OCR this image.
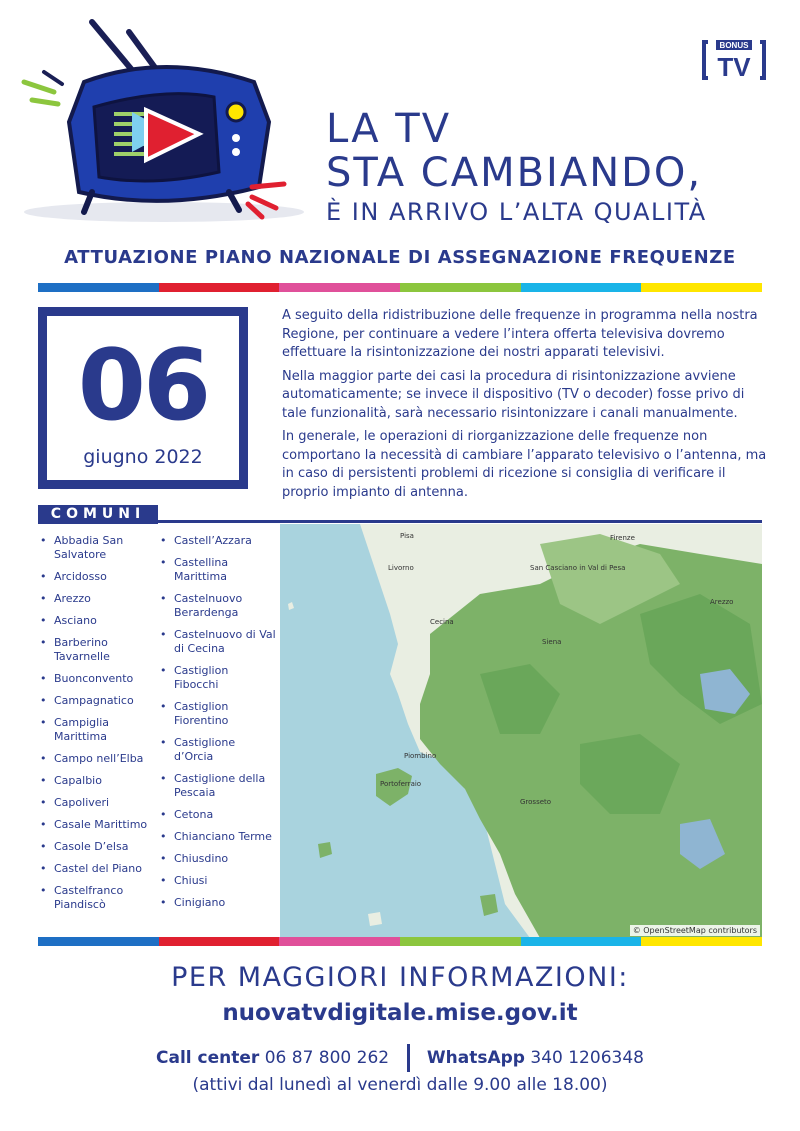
BONUS
TV
LA TV
STA CAMBIANDO,
È IN ARRIVO L’ALTA QUALITÀ
ATTUAZIONE PIANO NAZIONALE DI ASSEGNAZIONE FREQUENZE
06
giugno 2022

A seguito della ridistribuzione delle frequenze in programma nella nostra Regione, per continuare a vedere l’intera offerta televisiva dovremo effettuare la risintonizzazione dei nostri apparati televisivi.

Nella maggior parte dei casi la procedura di risintonizzazione avviene automaticamente; se invece il dispositivo (TV o decoder) fosse privo di tale funzionalità, sarà necessario risintonizzare i canali manualmente.

In generale, le operazioni di riorganizzazione delle frequenze non comportano la necessità di cambiare l’apparato televisivo o l’antenna, ma in caso di persistenti problemi di ricezione si consiglia di verificare il proprio impianto di antenna.

COMUNI
• Abbadia San Salvatore
• Arcidosso
• Arezzo
• Asciano
• Barberino Tavarnelle
• Buonconvento
• Campagnatico
• Campiglia Marittima
• Campo nell’Elba
• Capalbio
• Capoliveri
• Casale Marittimo
• Casole D’elsa
• Castel del Piano
• Castelfranco Piandiscò
• Castell’Azzara
• Castellina Marittima
• Castelnuovo Berardenga
• Castelnuovo di Val di Cecina
• Castiglion Fibocchi
• Castiglion Fiorentino
• Castiglione d’Orcia
• Castiglione della Pescaia
• Cetona
• Chianciano Terme
• Chiusdino
• Chiusi
• Cinigiano
Pisa
Livorno
Firenze
Siena
Grosseto
Piombino
Portoferraio
Cecina
Arezzo
San Casciano in Val di Pesa
© OpenStreetMap contributors
PER MAGGIORI INFORMAZIONI:
nuovatvdigitale.mise.gov.it
Call center 06 87 800 262 WhatsApp 340 1206348
(attivi dal lunedì al venerdì dalle 9.00 alle 18.00)
